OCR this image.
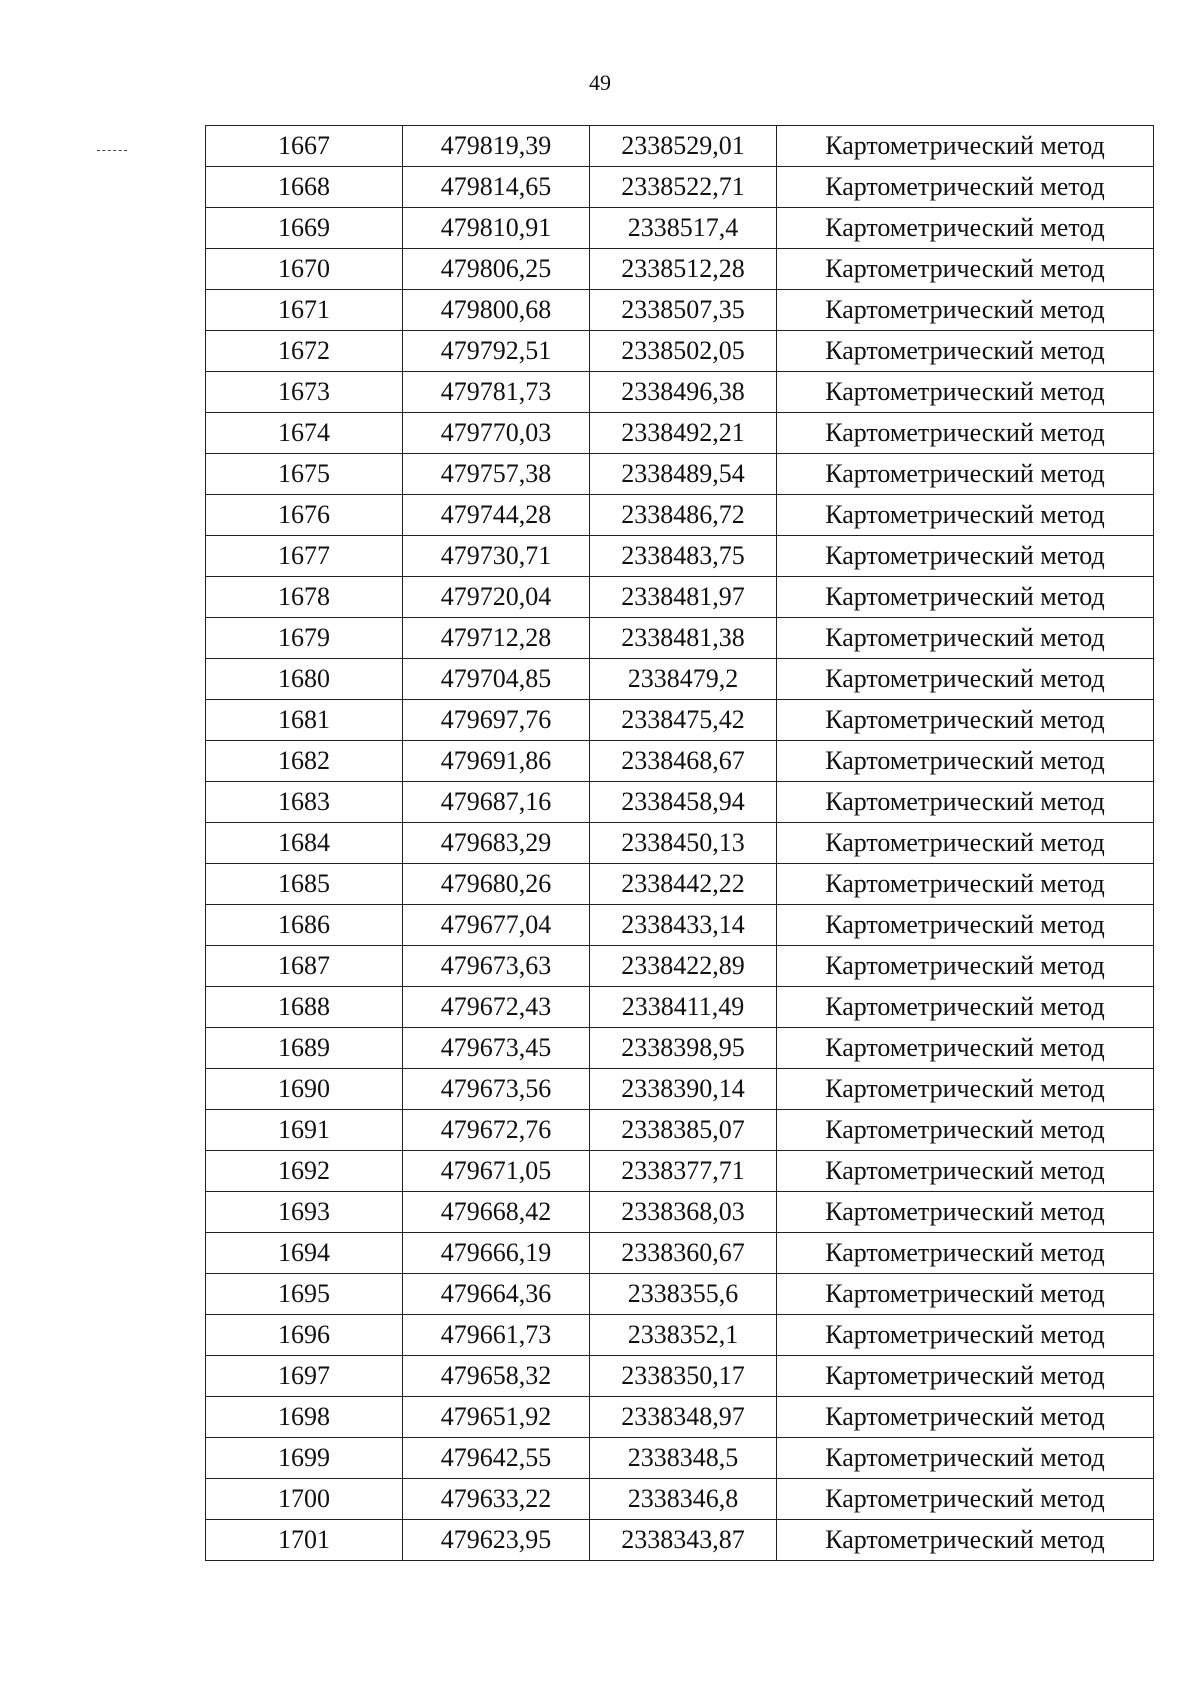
49
1667	479819,39	2338529,01	Картометрический метод
1668	479814,65	2338522,71	Картометрический метод
1669	479810,91	2338517,4	Картометрический метод
1670	479806,25	2338512,28	Картометрический метод
1671	479800,68	2338507,35	Картометрический метод
1672	479792,51	2338502,05	Картометрический метод
1673	479781,73	2338496,38	Картометрический метод
1674	479770,03	2338492,21	Картометрический метод
1675	479757,38	2338489,54	Картометрический метод
1676	479744,28	2338486,72	Картометрический метод
1677	479730,71	2338483,75	Картометрический метод
1678	479720,04	2338481,97	Картометрический метод
1679	479712,28	2338481,38	Картометрический метод
1680	479704,85	2338479,2	Картометрический метод
1681	479697,76	2338475,42	Картометрический метод
1682	479691,86	2338468,67	Картометрический метод
1683	479687,16	2338458,94	Картометрический метод
1684	479683,29	2338450,13	Картометрический метод
1685	479680,26	2338442,22	Картометрический метод
1686	479677,04	2338433,14	Картометрический метод
1687	479673,63	2338422,89	Картометрический метод
1688	479672,43	2338411,49	Картометрический метод
1689	479673,45	2338398,95	Картометрический метод
1690	479673,56	2338390,14	Картометрический метод
1691	479672,76	2338385,07	Картометрический метод
1692	479671,05	2338377,71	Картометрический метод
1693	479668,42	2338368,03	Картометрический метод
1694	479666,19	2338360,67	Картометрический метод
1695	479664,36	2338355,6	Картометрический метод
1696	479661,73	2338352,1	Картометрический метод
1697	479658,32	2338350,17	Картометрический метод
1698	479651,92	2338348,97	Картометрический метод
1699	479642,55	2338348,5	Картометрический метод
1700	479633,22	2338346,8	Картометрический метод
1701	479623,95	2338343,87	Картометрический метод
